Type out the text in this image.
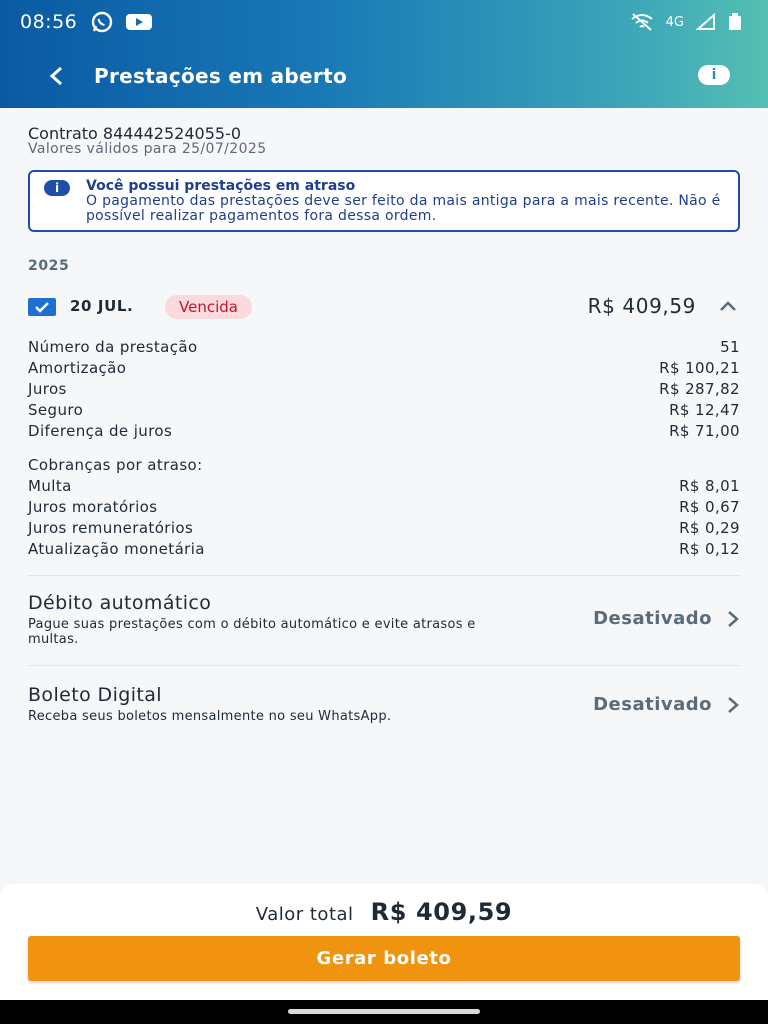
08:56	4G
Prestações em aberto	i
Contrato 844442524055-0
Valores válidos para 25/07/2025
i	Você possui prestações em atraso
O pagamento das prestações deve ser feito da mais antiga para a mais recente. Não é possível realizar pagamentos fora dessa ordem.
2025
20 JUL.	Vencida	R$ 409,59
Número da prestação	51
Amortização	R$ 100,21
Juros	R$ 287,82
Seguro	R$ 12,47
Diferença de juros	R$ 71,00
Cobranças por atraso:
Multa	R$ 8,01
Juros moratórios	R$ 0,67
Juros remuneratórios	R$ 0,29
Atualização monetária	R$ 0,12
Débito automático
Pague suas prestações com o débito automático e evite atrasos e multas.
Desativado
Boleto Digital
Receba seus boletos mensalmente no seu WhatsApp.
Desativado
Valor total R$ 409,59
Gerar boleto
